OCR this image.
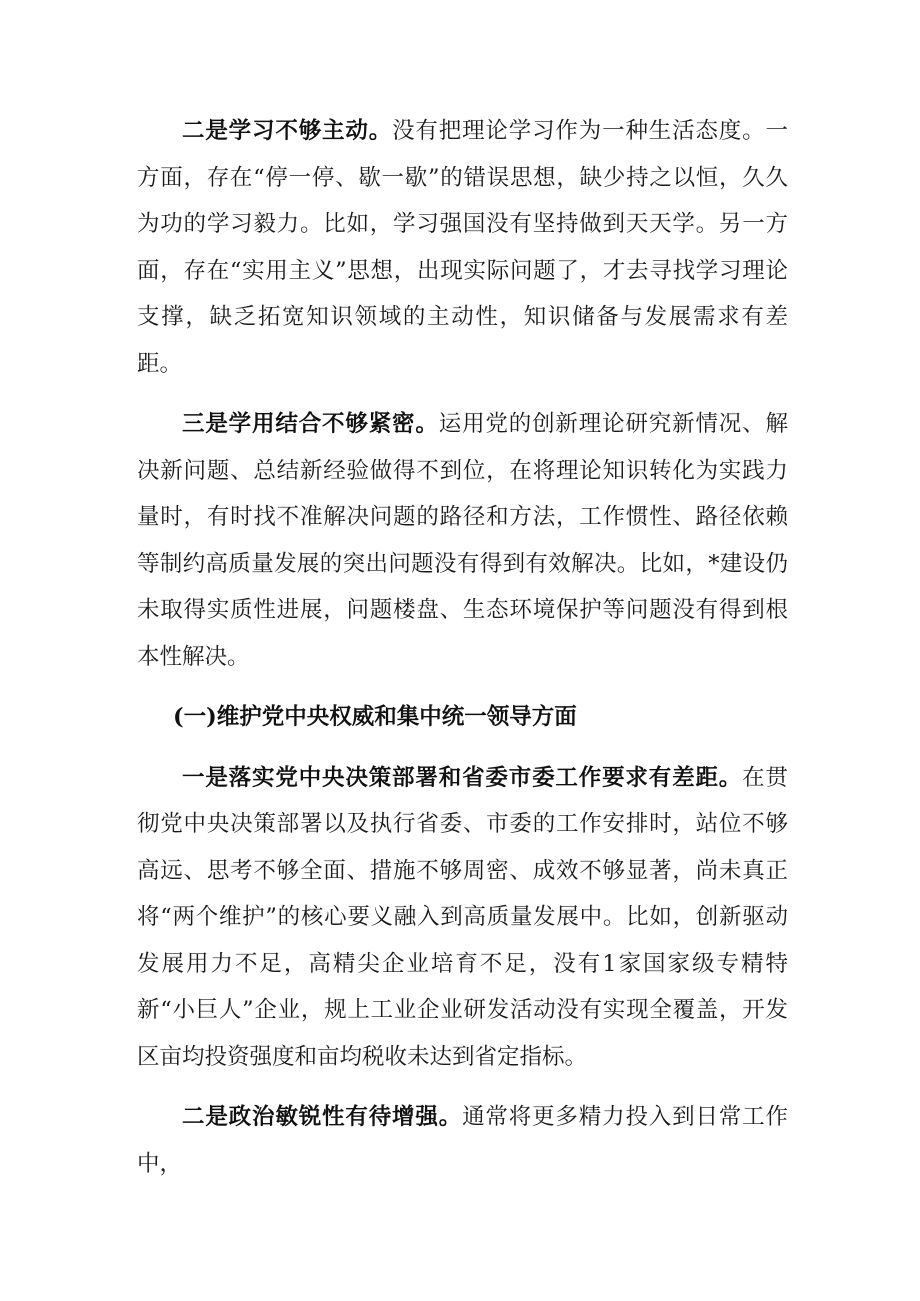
二是学习不够主动。没有把理论学习作为一种生活态度。一方面，存在“停一停、歇一歇”的错误思想，缺少持之以恒，久久为功的学习毅力。比如，学习强国没有坚持做到天天学。另一方面，存在“实用主义”思想，出现实际问题了，才去寻找学习理论支撑，缺乏拓宽知识领域的主动性，知识储备与发展需求有差距。

三是学用结合不够紧密。运用党的创新理论研究新情况、解决新问题、总结新经验做得不到位，在将理论知识转化为实践力量时，有时找不准解决问题的路径和方法，工作惯性、路径依赖等制约高质量发展的突出问题没有得到有效解决。比如，*建设仍未取得实质性进展，问题楼盘、生态环境保护等问题没有得到根本性解决。

(一)维护党中央权威和集中统一领导方面

一是落实党中央决策部署和省委市委工作要求有差距。在贯彻党中央决策部署以及执行省委、市委的工作安排时，站位不够高远、思考不够全面、措施不够周密、成效不够显著，尚未真正将“两个维护”的核心要义融入到高质量发展中。比如，创新驱动发展用力不足，高精尖企业培育不足，没有1家国家级专精特新“小巨人”企业，规上工业企业研发活动没有实现全覆盖，开发区亩均投资强度和亩均税收未达到省定指标。

二是政治敏锐性有待增强。通常将更多精力投入到日常工作中，
